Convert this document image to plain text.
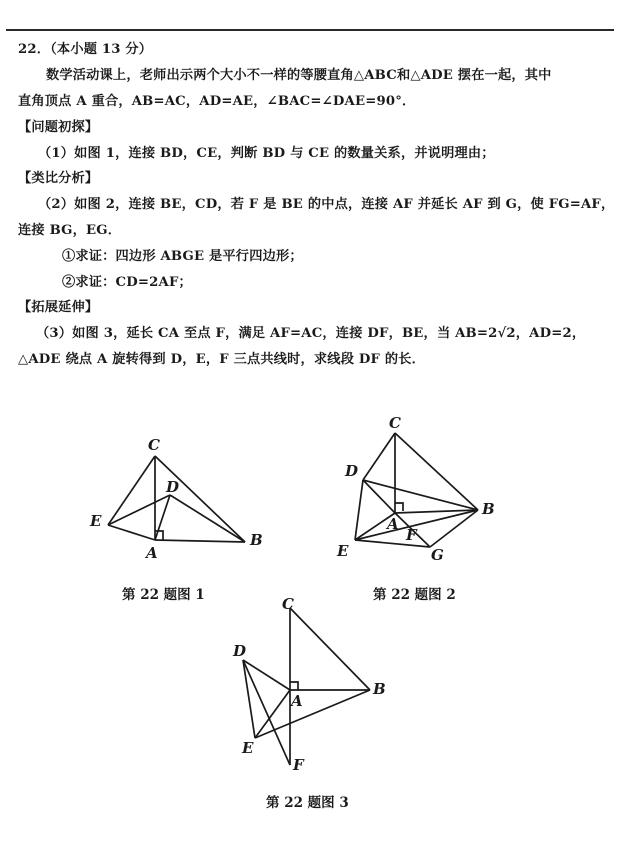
22．（本小题 13 分）
数学活动课上，老师出示两个大小不一样的等腰直角△ABC和△ADE 摆在一起，其中
直角顶点 A 重合，AB=AC，AD=AE，∠BAC=∠DAE=90°．
【问题初探】
（1）如图 1，连接 BD，CE，判断 BD 与 CE 的数量关系，并说明理由；
【类比分析】
（2）如图 2，连接 BE，CD，若 F 是 BE 的中点，连接 AF 并延长 AF 到 G，使 FG=AF，
连接 BG，EG．
①求证：四边形 ABGE 是平行四边形；
②求证：CD=2AF；
【拓展延伸】
（3）如图 3，延长 CA 至点 F，满足 AF=AC，连接 DF，BE，当 AB=2√2，AD=2，
△ADE 绕点 A 旋转得到 D，E，F 三点共线时，求线段 DF 的长．
C
D
E
A
B
第 22 题图 1
C
D
A
B
E
F
G
第 22 题图 2
C
D
A
B
E
F
第 22 题图 3
